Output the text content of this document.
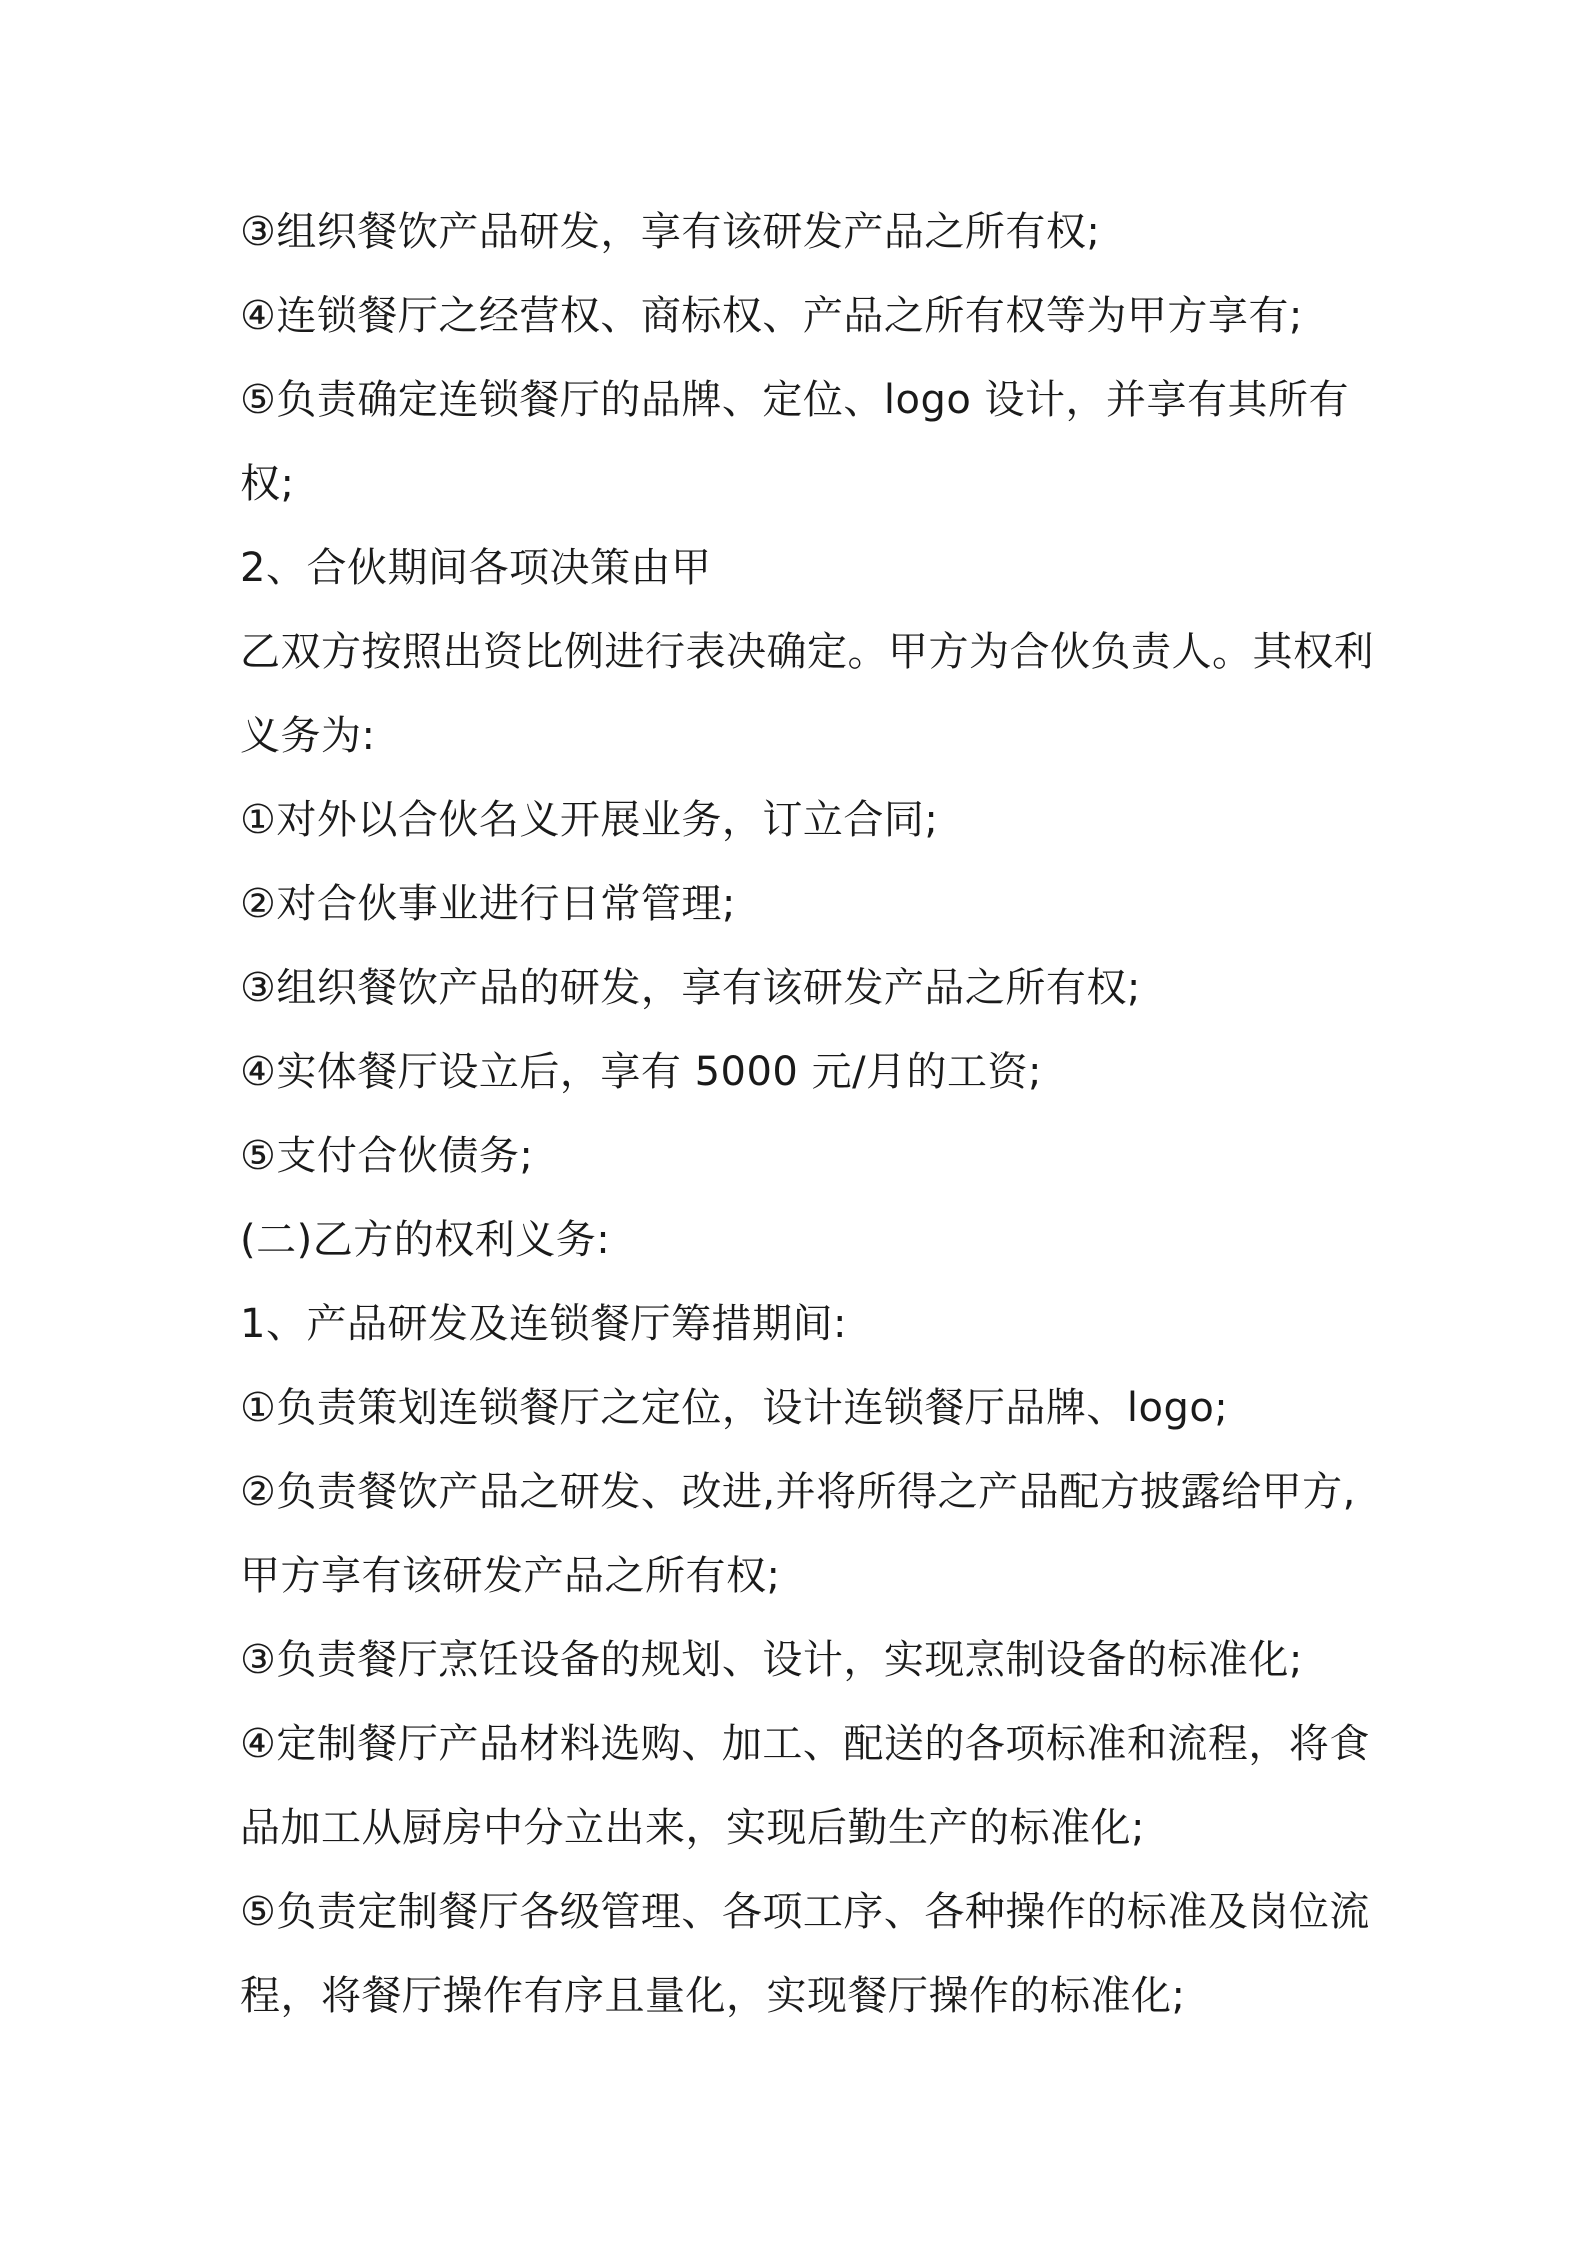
③组织餐饮产品研发，享有该研发产品之所有权;
④连锁餐厅之经营权、商标权、产品之所有权等为甲方享有;
⑤负责确定连锁餐厅的品牌、定位、logo 设计，并享有其所有
权;
2、合伙期间各项决策由甲
乙双方按照出资比例进行表决确定。甲方为合伙负责人。其权利
义务为:
①对外以合伙名义开展业务，订立合同;
②对合伙事业进行日常管理;
③组织餐饮产品的研发，享有该研发产品之所有权;
④实体餐厅设立后，享有 5000 元/月的工资;
⑤支付合伙债务;
(二)乙方的权利义务:
1、产品研发及连锁餐厅筹措期间:
①负责策划连锁餐厅之定位，设计连锁餐厅品牌、logo;
②负责餐饮产品之研发、改进,并将所得之产品配方披露给甲方,
甲方享有该研发产品之所有权;
③负责餐厅烹饪设备的规划、设计，实现烹制设备的标准化;
④定制餐厅产品材料选购、加工、配送的各项标准和流程，将食
品加工从厨房中分立出来，实现后勤生产的标准化;
⑤负责定制餐厅各级管理、各项工序、各种操作的标准及岗位流
程，将餐厅操作有序且量化，实现餐厅操作的标准化;
